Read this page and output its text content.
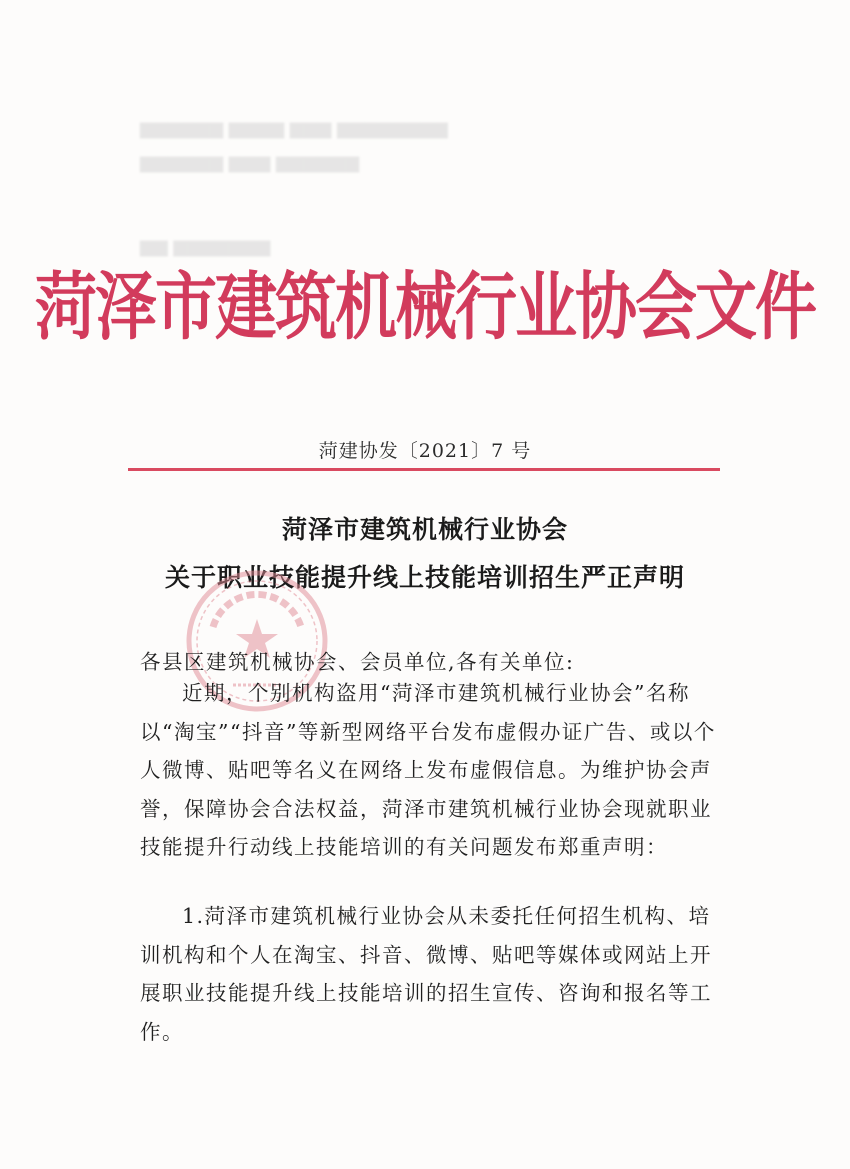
▆▆▆▆▆▆ ▆▆▆▆ ▆▆▆ ▆▆▆▆▆▆▆▆
▆▆▆▆▆▆ ▆▆▆ ▆▆▆▆▆▆
▆▆ ▆▆▆▆▆▆▆
菏泽市建筑机械行业协会文件
菏建协发〔2021〕7 号
菏泽市建筑机械行业协会
关于职业技能提升线上技能培训招生严正声明
各县区建筑机械协会、会员单位,各有关单位:
近期，个别机构盗用“菏泽市建筑机械行业协会”名称以“淘宝”“抖音”等新型网络平台发布虚假办证广告、或以个人微博、贴吧等名义在网络上发布虚假信息。为维护协会声誉，保障协会合法权益，菏泽市建筑机械行业协会现就职业技能提升行动线上技能培训的有关问题发布郑重声明：
1.菏泽市建筑机械行业协会从未委托任何招生机构、培训机构和个人在淘宝、抖音、微博、贴吧等媒体或网站上开展职业技能提升线上技能培训的招生宣传、咨询和报名等工作。
